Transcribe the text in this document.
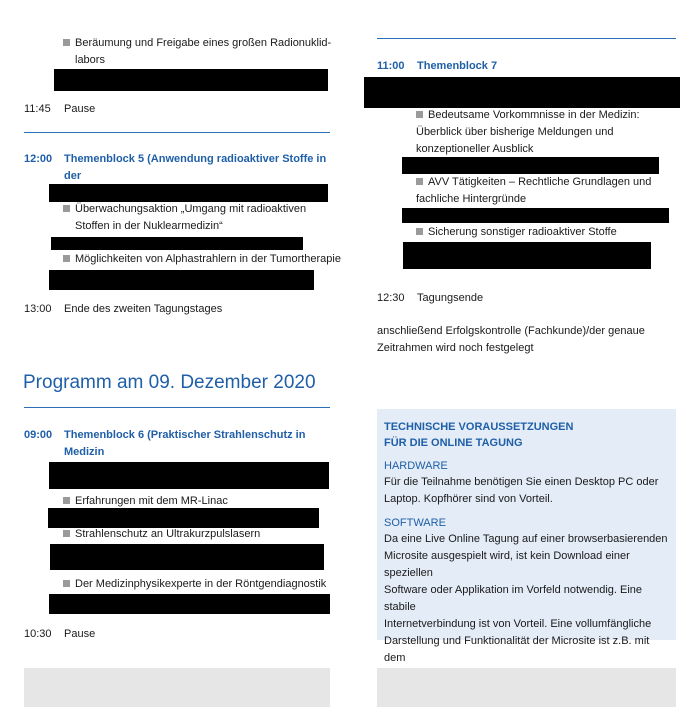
Beräumung und Freigabe eines großen Radionuklid-
labors
11:45	Pause
12:00	Themenblock 5 (Anwendung radioaktiver Stoffe in der
Überwachungsaktion „Umgang mit radioaktiven
Stoffen in der Nuklearmedizin“
Möglichkeiten von Alphastrahlern in der Tumortherapie
13:00	Ende des zweiten Tagungstages
Programm am 09. Dezember 2020
09:00	Themenblock 6 (Praktischer Strahlenschutz in Medizin
Erfahrungen mit dem MR-Linac
Strahlenschutz an Ultrakurzpulslasern
Der Medizinphysikexperte in der Röntgendiagnostik
10:30	Pause
11:00	Themenblock 7
Bedeutsame Vorkommnisse in der Medizin:
Überblick über bisherige Meldungen und
konzeptioneller Ausblick
AVV Tätigkeiten – Rechtliche Grundlagen und
fachliche Hintergründe
Sicherung sonstiger radioaktiver Stoffe
12:30	Tagungsende
anschließend Erfolgskontrolle (Fachkunde)/der genaue
Zeitrahmen wird noch festgelegt
TECHNISCHE VORAUSSETZUNGEN
FÜR DIE ONLINE TAGUNG
HARDWARE
Für die Teilnahme benötigen Sie einen Desktop PC oder
Laptop. Kopfhörer sind von Vorteil.
SOFTWARE
Da eine Live Online Tagung auf einer browserbasierenden
Microsite ausgespielt wird, ist kein Download einer speziellen
Software oder Applikation im Vorfeld notwendig. Eine stabile
Internetverbindung ist von Vorteil. Eine vollumfängliche
Darstellung und Funktionalität der Microsite ist z.B. mit dem
